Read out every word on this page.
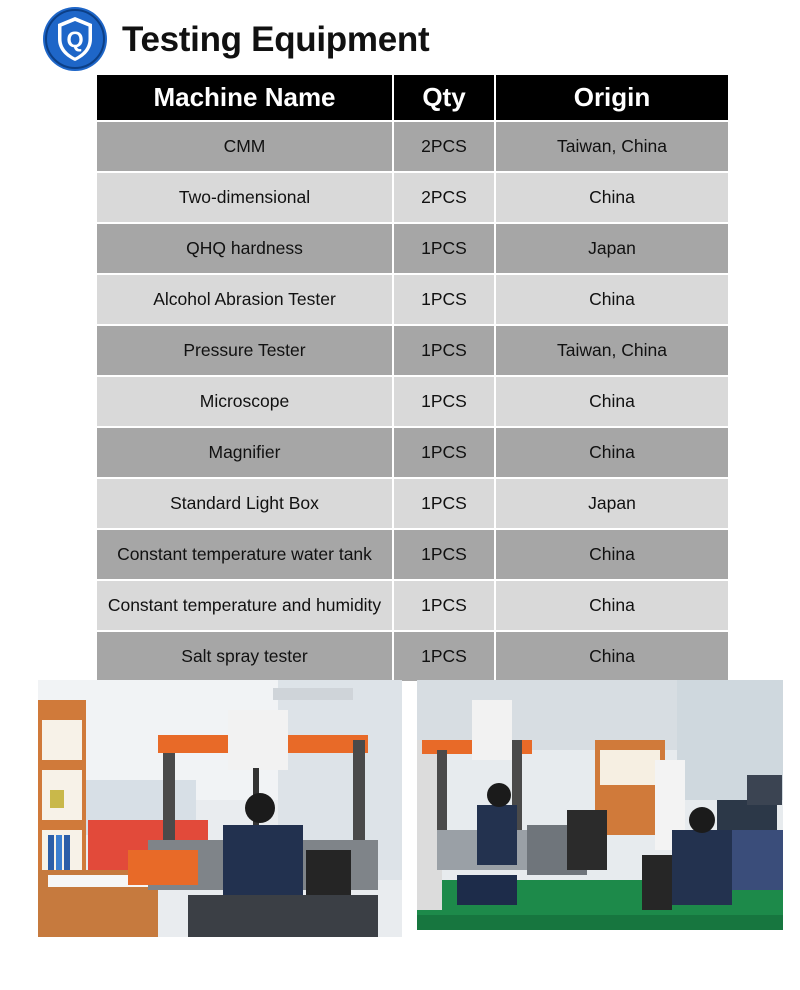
Q Testing Equipment
Machine Name	Qty	Origin
CMM	2PCS	Taiwan, China
Two-dimensional	2PCS	China
QHQ hardness	1PCS	Japan
Alcohol Abrasion Tester	1PCS	China
Pressure Tester	1PCS	Taiwan, China
Microscope	1PCS	China
Magnifier	1PCS	China
Standard Light Box	1PCS	Japan
Constant temperature water tank	1PCS	China
Constant temperature and humidity	1PCS	China
Salt spray tester	1PCS	China
